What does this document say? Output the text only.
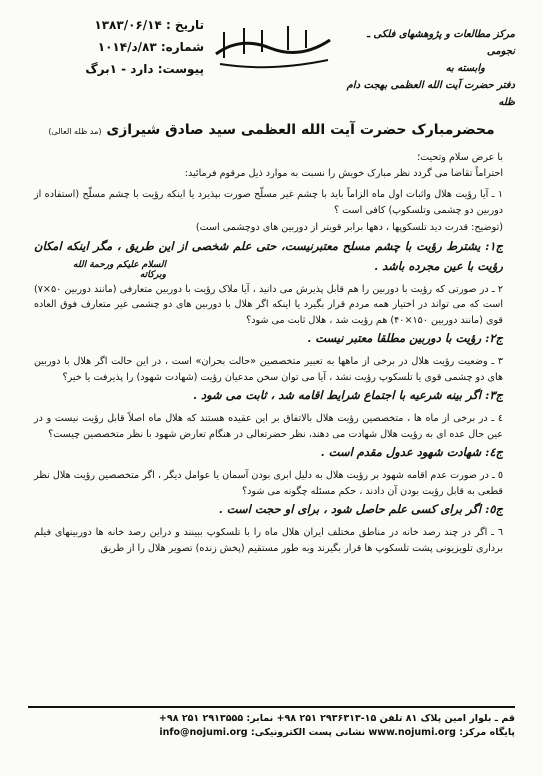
مرکز مطالعات و پژوهشهای فلکی ـ نجومی
وابسته به
دفتر حضرت آیت الله العظمی بهجت دام ظله
تاریخ : ۱۳۸۳/۰۶/۱۴
شماره: ۸۳/د/۱۰۱۴
پیوست: دارد - ۱برگ
محضرمبارک حضرت آیت الله العظمی سید صادق شیرازی (مد ظله العالی)

با عرض سلام وتحیت؛

احتراماً تقاضا می گردد نظر مبارک خویش را نسبت به موارد ذیل مرقوم فرمائید:

۱ ـ آیا رؤیت هلال واثبات اول ماه الزاماً باید با چشم غیر مسلّح صورت بپذیرد یا اینکه رؤیت با چشم مسلّح (استفاده از دوربین دو چشمی وتلسکوپ) کافی است ؟

(توضیح: قدرت دید تلسکوپها ، دهها برابر قویتر از دوربین های دوچشمی است)

ج۱: یشترط رؤیت با چشم مسلح معتبرنیست، حتی علم شخصی از این طریق ، مگر اینکه امکان رؤیت با عین مجرده باشد .

۲ ـ در صورتی که رؤیت با دوربین را هم قابل پذیرش می دانید ، آیا ملاک رؤیت با دوربین متعارفی (مانند دوربین ۵۰×۷) است که می تواند در اختیار همه مردم قرار بگیرد یا اینکه اگر هلال با دوربین های دو چشمی غیر متعارف فوق العاده قوی (مانند دوربین ۱۵۰×۴۰) هم رؤیت شد ، هلال ثابت می شود؟

ج۲: رؤیت با دوربین مطلقا معتبر نیست .

۳ ـ وضعیت رؤیت هلال در برخی از ماهها به تعبیر متخصصین «حالت بحران» است ، در این حالت اگر هلال با دوربین های دو چشمی قوی یا تلسکوپ رؤیت نشد ، آیا می توان سخن مدعیان رؤیت (شهادت شهود) را پذیرفت یا خیر؟

ج۳: اگر بینه شرعیه با اجتماع شرایط اقامه شد ، ثابت می شود .

٤ ـ در برخی از ماه ها ، متخصصین رؤیت هلال بالاتفاق بر این عقیده هستند که هلال ماه اصلاً قابل رؤیت نیست و در عین حال عده ای به رؤیت هلال شهادت می دهند، نظر حضرتعالی در هنگام تعارض شهود با نظر متخصصین چیست؟

ج٤: شهادت شهود عدول مقدم است .

٥ ـ در صورت عدم اقامه شهود بر رؤیت هلال به دلیل ابری بودن آسمان یا عوامل دیگر ، اگر متخصصین رؤیت هلال نظر قطعی به قابل رؤیت بودن آن دادند ، حکم مسئله چگونه می شود؟

ج٥: اگر برای کسی علم حاصل شود ، برای او حجت است .

٦ ـ اگر در چند رصد خانه در مناطق مختلف ایران هلال ماه را با تلسکوپ ببینند و دراین رصد خانه ها دوربینهای فیلم برداری تلویزیونی پشت تلسکوپ ها قرار بگیرند وبه طور مستقیم (پخش زنده) تصویر هلال را از طریق

السلام علیکم ورحمة الله وبرکاته
قم ـ بلوار امین پلاک ۸۱ تلفن ۱۵-۲۹۳۶۳۱۳ ۲۵۱ ۹۸+ نمابر: ۲۹۱۳۵۵۵ ۲۵۱ ۹۸+
پایگاه مرکز: www.nojumi.org نشانی پست الکترونیکی: info@nojumi.org
